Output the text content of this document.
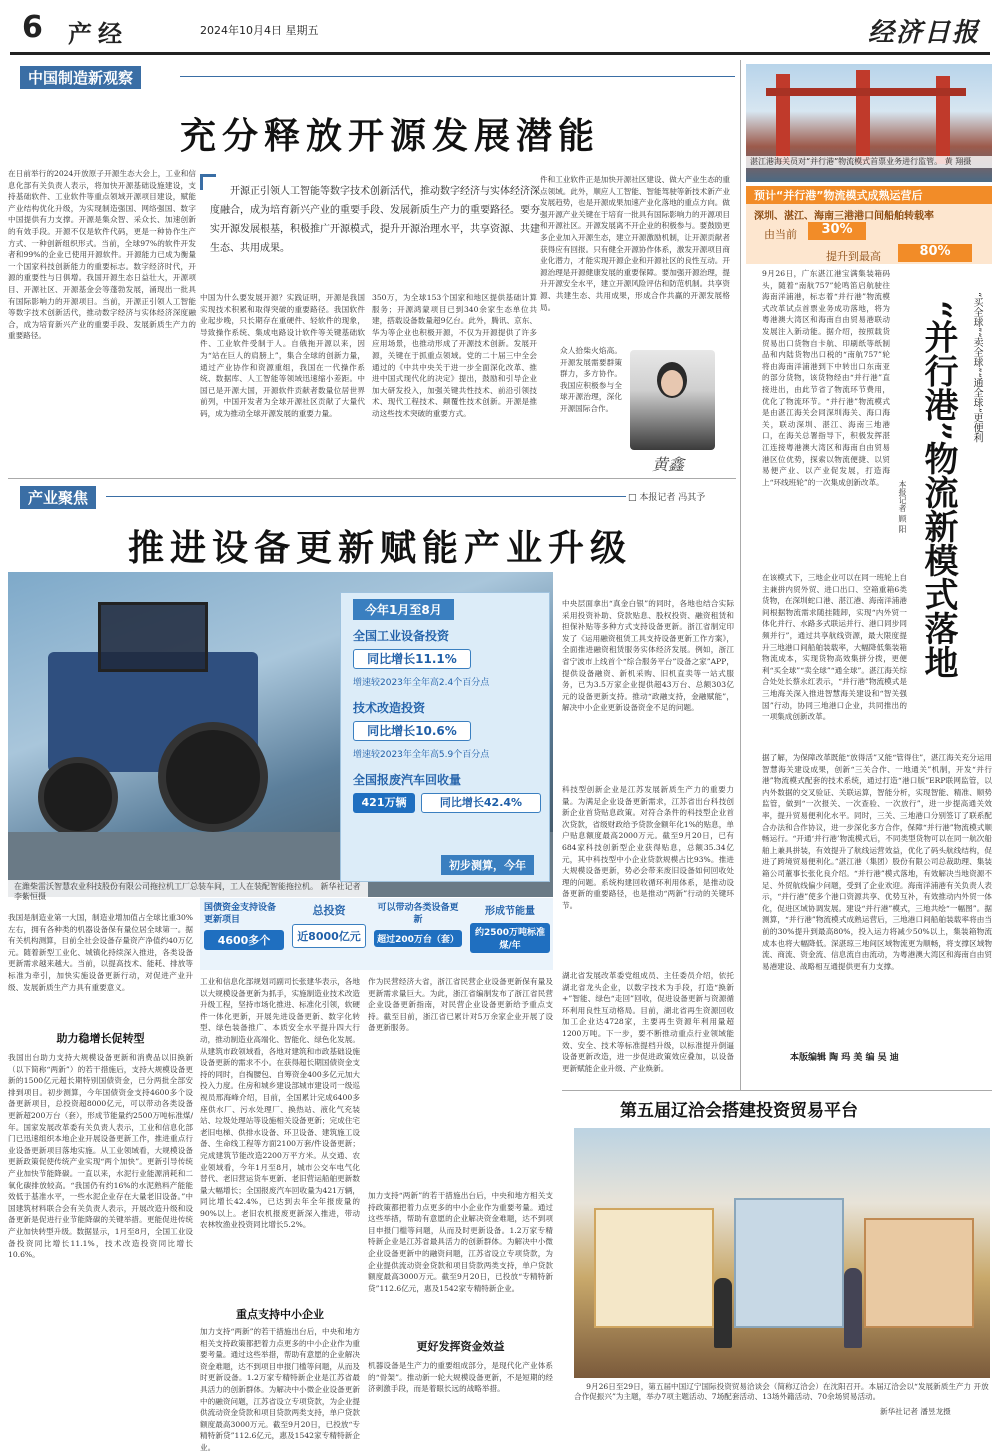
6 产经	2024年10月4日 星期五	经济日报
中国制造新观察
充分释放开源发展潜能
在日前举行的2024开放原子开源生态大会上，工业和信息化部有关负责人表示，将加快开源基础设施建设，支持基础软件、工业软件等重点领域开源项目建设，赋能产业结构优化升级，为实现制造强国、网络强国、数字中国提供有力支撑。开源是集众智、采众长、加速创新的有效手段。开源不仅是软件代码，更是一种协作生产方式、一种创新组织形式。当前，全球97%的软件开发者和99%的企业已使用开源软件。开源能力已成为衡量一个国家科技创新能力的重要标志。数字经济时代，开源的重要性与日俱增。我国开源生态日益壮大，开源项目、开源社区、开源基金会等蓬勃发展，涌现出一批具有国际影响力的开源项目。当前，开源正引领人工智能等数字技术创新活代，推动数字经济与实体经济深度融合，成为培育新兴产业的重要手段、发展新质生产力的重要路径。
开源正引领人工智能等数字技术创新活代，推动数字经济与实体经济深度融合，成为培育新兴产业的重要手段、发展新质生产力的重要路径。要夯实开源发展根基，积极推广开源模式，提升开源治理水平，共享资源、共建生态、共用成果。
中国为什么要发展开源？实践证明，开源是我国实现技术积累和取得突破的重要路径。我国软件业起步晚，只长期存在重硬件、轻软件的现象，导致操作系统、集成电路设计软件等关键基础软件、工业软件受制于人。自俄拖开源以来，因为“站在巨人的肩膀上”，集合全球的创新力量，通过产业协作和资源重组，我国在一代操作系统、数据库、人工智能等领域迅速缩小差距。中国已是开源大国，开源软件贡献者数量位居世界前列，中国开发者为全球开源社区贡献了大量代码，成为推动全球开源发展的重要力量。
350万，为全球153个国家和地区提供基础计算服务；开源鸿蒙项目已到340余家生态单位共建，搭载设备数量超9亿台。此外，腾讯、京东、华为等企业也积极开源，不仅为开源提供了许多应用场景，也推动形成了开源技术创新。发展开源，关键在于抓重点领域。党的二十届三中全会通过的《中共中央关于进一步全面深化改革、推进中国式现代化的决定》提出，鼓励和引导企业加大研发投入，加强关键共性技术、前沿引领技术、现代工程技术、颠覆性技术创新。开源是推动这些技术突破的重要方式。
件和工业软件正是加快开源社区建设、做大产业生态的重点领域。此外，顺应人工智能、智能驾驶等新技术新产业发展趋势，也是开源成果加速产业化落地的重点方向。做强开源产业关键在于培育一批具有国际影响力的开源项目和开源社区。开源发展离不开企业的积极参与。要鼓励更多企业加入开源生态，建立开源激励机制，让开源贡献者获得应有回报。只有健全开源协作体系，激发开源项目商业化潜力，才能实现开源企业和开源社区的良性互动。开源治理是开源健康发展的重要保障。要加强开源治理，提升开源安全水平，建立开源风险评估和防范机制。共享资源、共建生态、共用成果，形成合作共赢的开源发展格局。
众人拾柴火焰高。开源发展需要群策群力，多方协作。我国应积极参与全球开源治理，深化开源国际合作。
黄鑫
产业聚焦	□ 本报记者 冯其予
推进设备更新赋能产业升级
在潍柴雷沃智慧农业科技股份有限公司拖拉机工厂总装车间，工人在装配智能拖拉机。 新华社记者 李紫恒摄
今年1月至8月
全国工业设备投资
同比增长11.1%
增速较2023年全年高2.4个百分点
技术改造投资
同比增长10.6%
增速较2023年全年高5.9个百分点
全国报废汽车回收量
421万辆	同比增长42.4%
初步测算，今年
国债资金支持设备更新项目
4600多个
总投资
近8000亿元
可以带动各类设备更新
超过200万台（套）
形成节能量
约2500万吨标准煤/年
我国是制造业第一大国，制造业增加值占全球比重30%左右，拥有各种类的机器设备保有量位居全球第一。据有关机构测算，目前全社会设备存量资产净值约40万亿元。随着新型工业化、城镇化持续深入推进，各类设备更新需求越来越大。当前，以提高技术、能耗、排放等标准为牵引，加快实施设备更新行动，对促进产业升级、发展新质生产力具有重要意义。
助力稳增长促转型
我国出台助力支持大规模设备更新和消费品以旧换新（以下简称“两新”）的若干措施后，支持大规模设备更新的1500亿元超长期特别国债资金，已分两批全部安排到项目。初步测算，今年国债资金支持4600多个设备更新项目，总投资超8000亿元，可以带动各类设备更新超200万台（套），形成节能量约2500万吨标准煤/年。国家发展改革委有关负责人表示，工业和信息化部门已迅速组织本地企业开展设备更新工作，推进重点行业设备更新项目落地实施。从工业领域看，大规模设备更新政策促使传统产业实现“两个加快”。更新引导传统产业加快节能降碳。一直以来，水泥行业能源消耗和二氧化碳排放较高。“我国仍有约16%的水泥熟料产能能效低于基准水平，一些水泥企业存在大量老旧设备。”中国建筑材料联合会有关负责人表示，开展改造升级和设备更新是促进行业节能降碳的关键举措。更能促进传统产业加快转型升级。数据显示，1月至8月，全国工业设备投资同比增长11.1%，技术改造投资同比增长10.6%。
工业和信息化部规划司副司长张建华表示，各地以大规模设备更新为抓手，实施制造业技术改造升级工程，坚持市场化推进、标准化引领，软硬件一体化更新，开展先进设备更新、数字化转型、绿色装备推广、本质安全水平提升四大行动，推动制造业高端化、智能化、绿色化发展。从建筑市政领域看，各地对建筑和市政基础设施设备更新的需求不小。在获得超长期国债资金支持的同时，自掏腰包、自筹资金400多亿元加大投入力度。住房和城乡建设部城市建设司一级巡视员邢海峰介绍，目前，全国累计完成6400多座供水厂、污水处理厂、换热站、液化气充装站、垃圾处理站等设施相关设备更新；完成住宅老旧电梯、供排水设备、环卫设备、建筑施工设备、生命线工程等方面2100万套/件设备更新；完成建筑节能改造2200万平方米。从交通、农业领域看，今年1月至8月，城市公交车电气化替代、老旧营运货车更新、老旧营运船舶更新数量大幅增长；全国报废汽车回收量为421万辆，同比增长42.4%，已达到去年全年报废量的90%以上。老旧农机报废更新深入推进，带动农林牧渔业投资同比增长5.2%。
重点支持中小企业
加力支持“两新”的若干措施出台后，中央和地方相关支持政策都把着力点更多的中小企业作为重要考量。通过这些举措，帮助有意愿的企业解决资金难题，达不到项目申报门槛等问题，从而及时更新设备。1.2万家专精特新企业是江苏省最具活力的创新群体。为解决中小微企业设备更新中的融资问题，江苏省设立专项贷款，为企业提供流动资金贷款和项目贷款两类支持，单户贷款额度最高3000万元。截至9月20日，已投放“专精特新贷”112.6亿元，惠及1542家专精特新企业。
作为民营经济大省，浙江省民营企业设备更新保有量及更新需求量巨大。为此，浙江省编制发布了浙江省民营企业设备更新指南，对民营企业设备更新给予重点支持。截至目前，浙江省已累计对5万余家企业开展了设备更新服务。
加力支持“两新”的若干措施出台后，中央和地方相关支持政策都把着力点更多的中小企业作为重要考量。通过这些举措，帮助有意愿的企业解决资金难题，达不到项目申报门槛等问题，从而及时更新设备。1.2万家专精特新企业是江苏省最具活力的创新群体。为解决中小微企业设备更新中的融资问题，江苏省设立专项贷款，为企业提供流动资金贷款和项目贷款两类支持，单户贷款额度最高3000万元。截至9月20日，已投放“专精特新贷”112.6亿元，惠及1542家专精特新企业。
更好发挥资金效益
机器设备是生产力的重要组成部分，是现代化产业体系的“骨架”。推动新一轮大规模设备更新，不是短期的经济刺激手段，而是着眼长远的战略举措。
中央层面拿出“真金白银”的同时，各地也结合实际采用投资补助、贷款贴息、股权投资、融资租赁和担保补贴等多种方式支持设备更新。浙江省制定印发了《运用融资租赁工具支持设备更新工作方案》，全面推进融资租赁服务实体经济发展。例如，浙江省宁波市上线首个“综合服务平台”设备之家”APP，提供设备融资、新机采购、旧机直卖等一站式服务，已为3.5万家企业提供超43万台、总额303亿元的设备更新支持。推动“政融支持，金融赋能”，解决中小企业更新设备资金不足的问题。
科技型创新企业是江苏发展新质生产力的重要力量。为满足企业设备更新需求，江苏省出台科技创新企业首贷贴息政策。对符合条件的科技型企业首次贷款，省级财政给予贷款金额年化1%的贴息，单户贴息额度最高2000万元。截至9月20日，已有684家科技创新型企业获得贴息，总额35.34亿元，其中科技型中小企业贷款规模占比93%。推进大规模设备更新，势必会带来废旧设备如何回收处理的问题。系统构建回收循环利用体系，是推动设备更新的重要路径，也是推动“两新”行动的关键环节。
湖北省发展改革委党组成员、主任委员介绍，依托湖北省龙头企业，以数字技术为手段，打造“换新+”智能、绿色“走回”回收，促进设备更新与资源循环利用良性互动格局。目前，湖北省再生资源回收加工企业达4728家，主要再生资源年利用量超1200万吨。下一步，要不断推动重点行业领域能效、安全、技术等标准提档升级，以标准提升倒逼设备更新改造，进一步促进政策效应叠加，以设备更新赋能企业升级、产业焕新。
湛江港海关员对“并行港”物流模式首票业务进行监管。 黄 翔摄
预计“并行港”物流模式成熟运营后
深圳、湛江、海南三港港口间船舶转载率
由当前	30%
提升到最高	80%
9月26日，广东湛江港宝满集装箱码头，随着“南航757”轮鸣笛启航驶往海南洋浦港，标志着“并行港”物流模式改革试点首票业务成功落地，将为粤港澳大湾区和海南自由贸易港联动发展注入新动能。据介绍，按照载货贸易出口货物自卡航、印刷纸等纸制品和内陆货物出口税的“南航757”轮将由海南洋浦港到下中转出口东南亚的部分货物，该货物经由“并行港”直接进出，由此节省了物流环节费用，优化了物流环节。“并行港”物流模式是由湛江海关会同深圳海关、海口海关，联动深圳、湛江、海南三地港口，在海关总署指导下，积极发挥湛江连接粤港澳大湾区和海南自由贸易港区位优势，探索以物流便捷、以贸易便产业、以产业促发展，打造海上“环线班轮”的一次集成创新改革。
“买全球”“卖全球”“通全球”更便利
“并行港”物流新模式落地
本报记者 顾 阳
在该模式下，三地企业可以在同一班轮上自主兼拼内贸外贸、进口出口、空箱重箱6类货物，在深圳蛇口港、湛江港、海南洋浦港间根据物流需求随挂随卸，实现“内外贸一体化并行、水路多式联运并行、港口同步同频并行”，通过共享航线资源，最大限度提升三地港口间船舶装载率，大幅降低集装箱物流成本，实现货物高效集拼分拨，更便利“买全球”“卖全球”“通全球”。湛江海关综合处处长蔡永红表示，“并行港”物流模式是三地海关深入推进智慧海关建设和“智关强国”行动，协同三地港口企业，共同推出的一项集成创新改革。
据了解，为保障改革既能“放得活”又能“管得住”，湛江海关充分运用智慧海关建设成果，创新“三关合作、一地通关”机制，开发“并行港”物流模式配套的技术系统，通过打造“港口版”ERP联网监管，以内外数据的交叉验证、关联运算，智能分析，实现智能、精准、顺势监管，做到“一次报关、一次查验、一次放行”，进一步提高通关效率，提升贸易便利化水平。同时，三关、三地港口分别签订了联系配合办法和合作协议，进一步深化多方合作，保障“并行港”物流模式顺畅运行。“开通‘并行港’物流模式后，不同类型货物可以在同一航次船舶上兼具拼装，有效提升了航线运营效益，优化了码头航线结构，促进了跨境贸易便利化。”湛江港（集团）股份有限公司总裁助理、集装箱公司董事长张化良介绍。“并行港”模式落地，有效解决当地资源不足、外贸航线偏少问题，受到了企业欢迎。海南洋浦港有关负责人表示，“并行港”使多个港口资源共享、优势互补，有效推动内外贸一体化，促进区域协调发展。建设“并行港”模式，三地共绘“一幅图”。据测算，“并行港”物流模式成熟运营后，三地港口间船舶装载率将由当前的30%提升到最高80%，投入运力将减少50%以上，集装箱物流成本也将大幅降低。深湛琼三地间区域物流更为顺畅，将支撑区域物流、商流、资金流、信息流自由流动，为粤港澳大湾区和海南自由贸易港建设、战略相互通提供更有力支撑。
本版编辑 陶 玛 美 编 吴 迪
第五届辽洽会搭建投资贸易平台
9月26日至29日，第五届中国辽宁国际投资贸易洽谈会（简称辽洽会）在沈阳召开。本届辽洽会以“发展新质生产力 开放合作促振兴”为主题，举办7项主题活动、7场配套活动、13场外籍活动、70余场贸易活动。
新华社记者 潘昱龙摄
